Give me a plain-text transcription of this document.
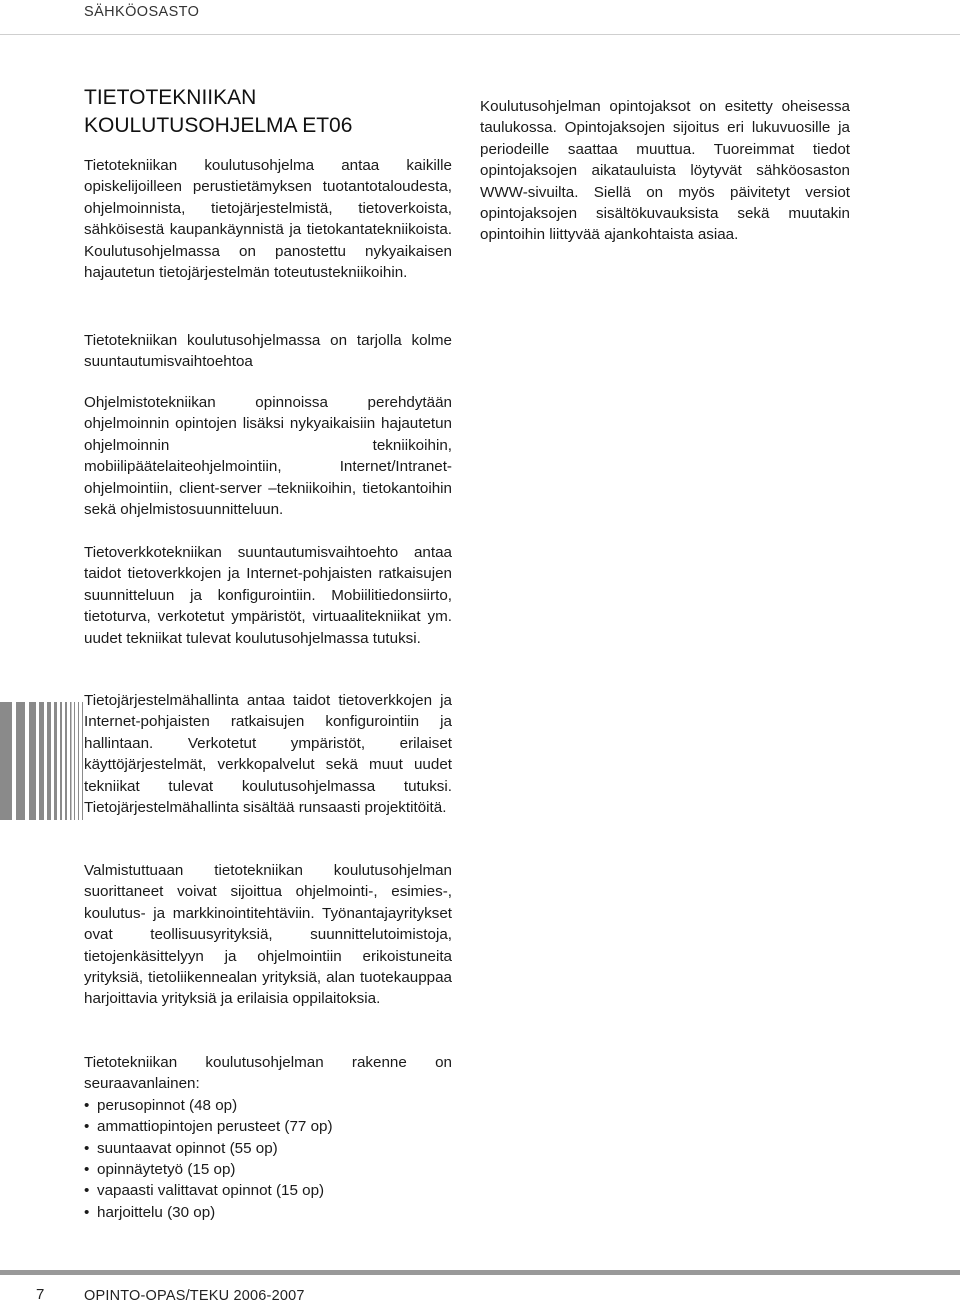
SÄHKÖOSASTO
TIETOTEKNIIKAN
KOULUTUSOHJELMA ET06

Tietotekniikan koulutusohjelma antaa kaikille opiskelijoilleen perustietämyksen tuotantotaloudesta, ohjelmoinnista, tietojärjestelmistä, tietoverkoista, sähköisestä kaupankäynnistä ja tietokantatekniikoista. Koulutusohjelmassa on panostettu nykyaikaisen hajautetun tietojärjestelmän toteutustekniikoihin.

Tietotekniikan koulutusohjelmassa on tarjolla kolme suuntautumisvaihtoehtoa

Ohjelmistotekniikan opinnoissa perehdytään ohjelmoinnin opintojen lisäksi nykyaikaisiin hajautetun ohjelmoinnin tekniikoihin, mobiilipäätelaiteohjelmointiin, Internet/Intranet-ohjelmointiin, client-server –tekniikoihin, tietokantoihin sekä ohjelmistosuunnitteluun.

Tietoverkkotekniikan suuntautumisvaihtoehto antaa taidot tietoverkkojen ja Internet-pohjaisten ratkaisujen suunnitteluun ja konfigurointiin. Mobiilitiedonsiirto, tietoturva, verkotetut ympäristöt, virtuaalitekniikat ym. uudet tekniikat tulevat koulutusohjelmassa tutuksi.

Tietojärjestelmähallinta antaa taidot tietoverkkojen ja Internet-pohjaisten ratkaisujen konfigurointiin ja hallintaan. Verkotetut ympäristöt, erilaiset käyttöjärjestelmät, verkkopalvelut sekä muut uudet tekniikat tulevat koulutusohjelmassa tutuksi. Tietojärjestelmähallinta sisältää runsaasti projektitöitä.

Valmistuttuaan tietotekniikan koulutusohjelman suorittaneet voivat sijoittua ohjelmointi-, esimies-, koulutus- ja markkinointitehtäviin. Työnantajayritykset ovat teollisuusyrityksiä, suunnittelutoimistoja, tietojenkäsittelyyn ja ohjelmointiin erikoistuneita yrityksiä, tietoliikennealan yrityksiä, alan tuotekauppaa harjoittavia yrityksiä ja erilaisia oppilaitoksia.

Tietotekniikan koulutusohjelman rakenne on seuraavanlainen:

• perusopinnot (48 op)
• ammattiopintojen perusteet (77 op)
• suuntaavat opinnot (55 op)
• opinnäytetyö (15 op)
• vapaasti valittavat opinnot (15 op)
• harjoittelu (30 op)

Koulutusohjelman opintojaksot on esitetty oheisessa taulukossa. Opintojaksojen sijoitus eri lukuvuosille ja periodeille saattaa muuttua. Tuoreimmat tiedot opintojaksojen aikatauluista löytyvät sähköosaston WWW-sivuilta. Siellä on myös päivitetyt versiot opintojaksojen sisältökuvauksista sekä muutakin opintoihin liittyvää ajankohtaista asiaa.

7	OPINTO-OPAS/TEKU 2006-2007
